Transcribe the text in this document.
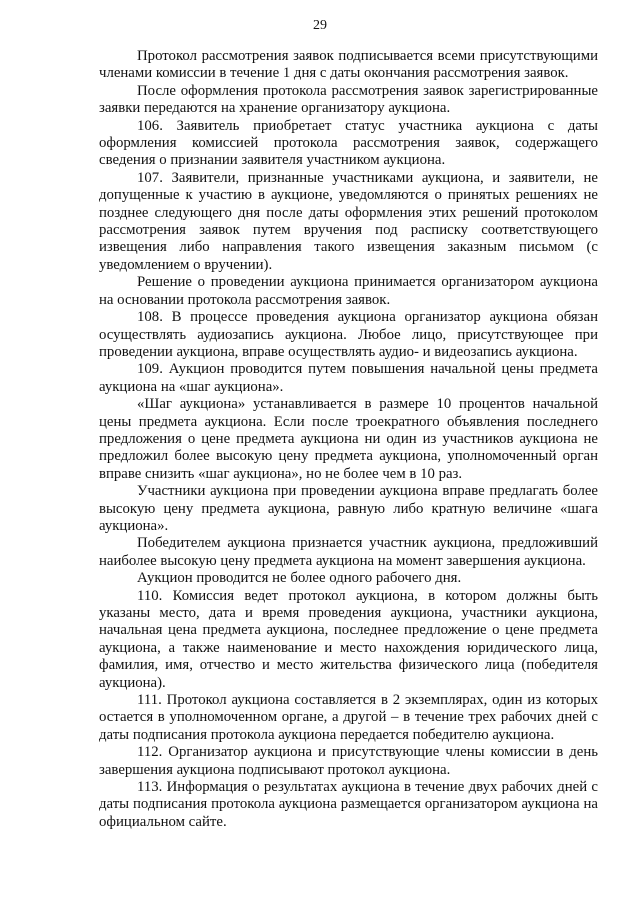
29

Протокол рассмотрения заявок подписывается всеми присутствующими членами комиссии в течение 1 дня с даты окончания рассмотрения заявок.

После оформления протокола рассмотрения заявок зарегистрированные заявки передаются на хранение организатору аукциона.

106. Заявитель приобретает статус участника аукциона с даты оформления комиссией протокола рассмотрения заявок, содержащего сведения о признании заявителя участником аукциона.

107. Заявители, признанные участниками аукциона, и заявители, не допущенные к участию в аукционе, уведомляются о принятых решениях не позднее следующего дня после даты оформления этих решений протоколом рассмотрения заявок путем вручения под расписку соответствующего извещения либо направления такого извещения заказным письмом (с уведомлением о вручении).

Решение о проведении аукциона принимается организатором аукциона на основании протокола рассмотрения заявок.

108. В процессе проведения аукциона организатор аукциона обязан осуществлять аудиозапись аукциона. Любое лицо, присутствующее при проведении аукциона, вправе осуществлять аудио- и видеозапись аукциона.

109. Аукцион проводится путем повышения начальной цены предмета аукциона на «шаг аукциона».

«Шаг аукциона» устанавливается в размере 10 процентов начальной цены предмета аукциона. Если после троекратного объявления последнего предложения о цене предмета аукциона ни один из участников аукциона не предложил более высокую цену предмета аукциона, уполномоченный орган вправе снизить «шаг аукциона», но не более чем в 10 раз.

Участники аукциона при проведении аукциона вправе предлагать более высокую цену предмета аукциона, равную либо кратную величине «шага аукциона».

Победителем аукциона признается участник аукциона, предложивший наиболее высокую цену предмета аукциона на момент завершения аукциона.

Аукцион проводится не более одного рабочего дня.

110. Комиссия ведет протокол аукциона, в котором должны быть указаны место, дата и время проведения аукциона, участники аукциона, начальная цена предмета аукциона, последнее предложение о цене предмета аукциона, а также наименование и место нахождения юридического лица, фамилия, имя, отчество и место жительства физического лица (победителя аукциона).

111. Протокол аукциона составляется в 2 экземплярах, один из которых остается в уполномоченном органе, а другой – в течение трех рабочих дней с даты подписания протокола аукциона передается победителю аукциона.

112. Организатор аукциона и присутствующие члены комиссии в день завершения аукциона подписывают протокол аукциона.

113. Информация о результатах аукциона в течение двух рабочих дней с даты подписания протокола аукциона размещается организатором аукциона на официальном сайте.
